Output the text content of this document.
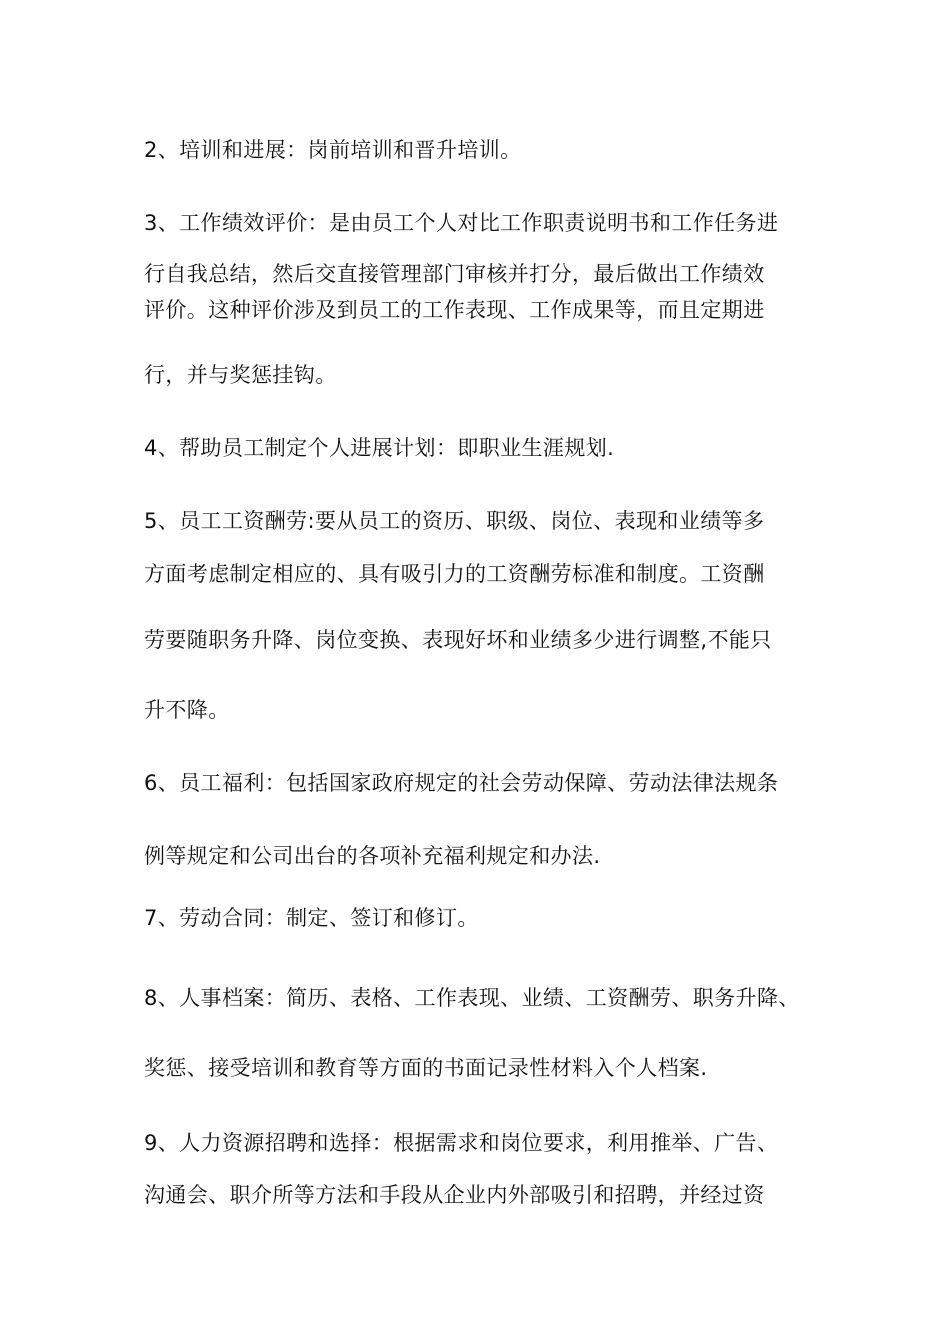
2、培训和进展：岗前培训和晋升培训。
3、工作绩效评价：是由员工个人对比工作职责说明书和工作任务进
行自我总结，然后交直接管理部门审核并打分，最后做出工作绩效
评价。这种评价涉及到员工的工作表现、工作成果等，而且定期进
行，并与奖惩挂钩。
4、帮助员工制定个人进展计划：即职业生涯规划.
5、员工工资酬劳:要从员工的资历、职级、岗位、表现和业绩等多
方面考虑制定相应的、具有吸引力的工资酬劳标准和制度。工资酬
劳要随职务升降、岗位变换、表现好坏和业绩多少进行调整,不能只
升不降。
6、员工福利：包括国家政府规定的社会劳动保障、劳动法律法规条
例等规定和公司出台的各项补充福利规定和办法.
7、劳动合同：制定、签订和修订。
8、人事档案：简历、表格、工作表现、业绩、工资酬劳、职务升降、
奖惩、接受培训和教育等方面的书面记录性材料入个人档案.
9、人力资源招聘和选择：根据需求和岗位要求，利用推举、广告、
沟通会、职介所等方法和手段从企业内外部吸引和招聘，并经过资
